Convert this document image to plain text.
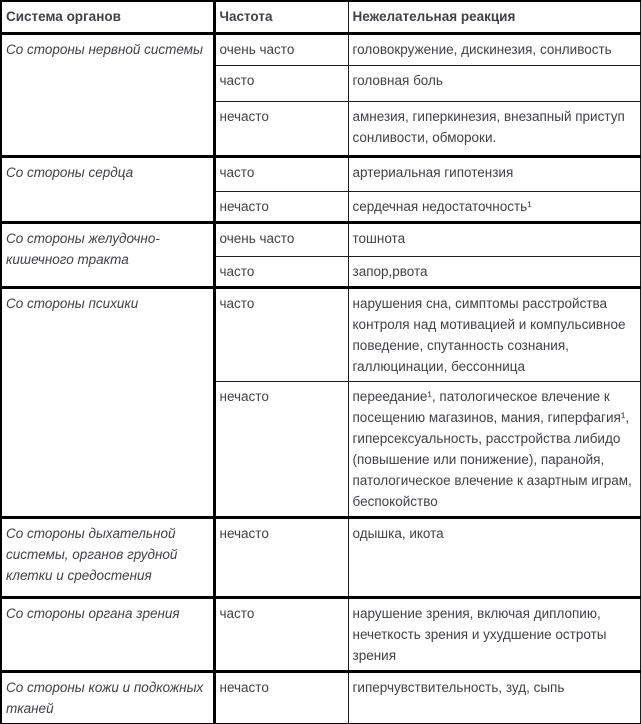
Система органов	Частота	Нежелательная реакция
Со стороны нервной системы	очень часто	головокружение, дискинезия, сонливость
	часто	головная боль
	нечасто	амнезия, гиперкинезия, внезапный приступ сонливости, обмороки.
Со стороны сердца	часто	артериальная гипотензия
	нечасто	сердечная недостаточность¹
Со стороны желудочно-кишечного тракта	очень часто	тошнота
	часто	запор,рвота
Со стороны психики	часто	нарушения сна, симптомы расстройства контроля над мотивацией и компульсивное поведение, спутанность сознания, галлюцинации, бессонница
	нечасто	переедание¹, патологическое влечение к посещению магазинов, мания, гиперфагия¹, гиперсексуальность, расстройства либидо (повышение или понижение), паранойя, патологическое влечение к азартным играм, беспокойство
Со стороны дыхательной системы, органов грудной клетки и средостения	нечасто	одышка, икота
Со стороны органа зрения	часто	нарушение зрения, включая диплопию, нечеткость зрения и ухудшение остроты зрения
Со стороны кожи и подкожных тканей	нечасто	гиперчувствительность, зуд, сыпь
